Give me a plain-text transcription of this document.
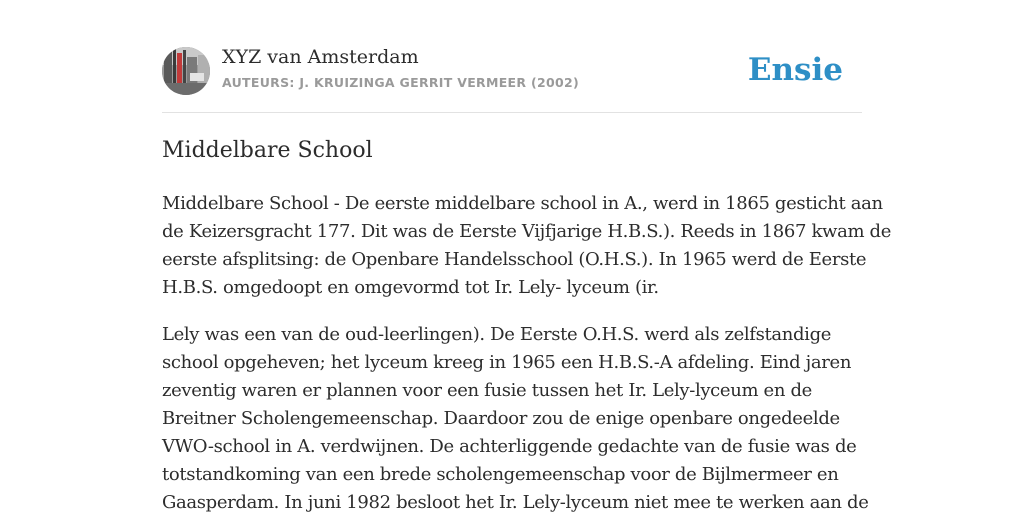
XYZ van Amsterdam
AUTEURS: J. KRUIZINGA GERRIT VERMEER (2002)	Ensie
Middelbare School

Middelbare School - De eerste middelbare school in A., werd in 1865 gesticht aan
de Keizersgracht 177. Dit was de Eerste Vijfjarige H.B.S.). Reeds in 1867 kwam de
eerste afsplitsing: de Openbare Handelsschool (O.H.S.). In 1965 werd de Eerste
H.B.S. omgedoopt en omgevormd tot Ir. Lely- lyceum (ir.

Lely was een van de oud-leerlingen). De Eerste O.H.S. werd als zelfstandige
school opgeheven; het lyceum kreeg in 1965 een H.B.S.-A afdeling. Eind jaren
zeventig waren er plannen voor een fusie tussen het Ir. Lely-lyceum en de
Breitner Scholengemeenschap. Daardoor zou de enige openbare ongedeelde
VWO-school in A. verdwijnen. De achterliggende gedachte van de fusie was de
totstandkoming van een brede scholengemeenschap voor de Bijlmermeer en
Gaasperdam. In juni 1982 besloot het Ir. Lely-lyceum niet mee te werken aan de
